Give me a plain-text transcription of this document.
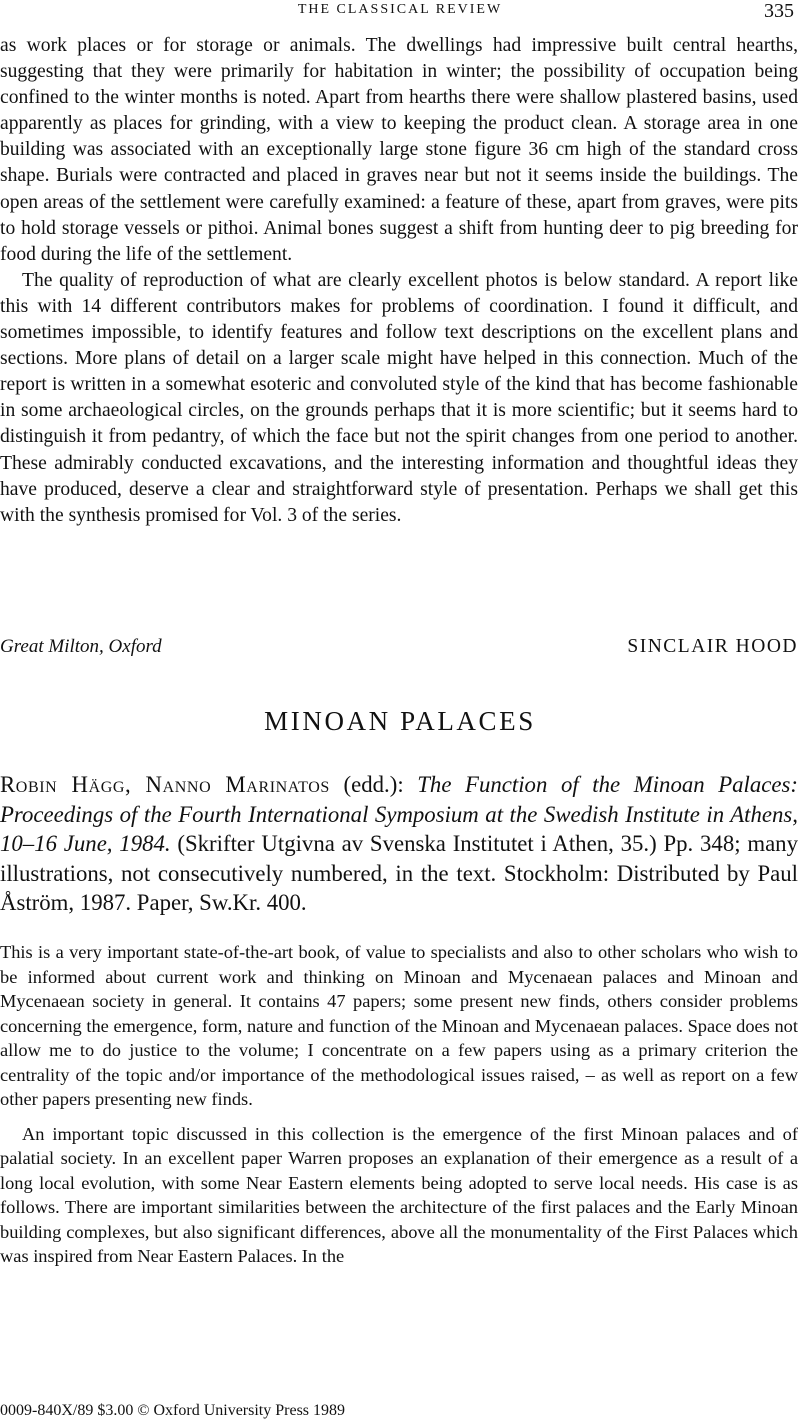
THE CLASSICAL REVIEW	335

as work places or for storage or animals. The dwellings had impressive built central hearths, suggesting that they were primarily for habitation in winter; the possibility of occupation being confined to the winter months is noted. Apart from hearths there were shallow plastered basins, used apparently as places for grinding, with a view to keeping the product clean. A storage area in one building was associated with an exceptionally large stone figure 36 cm high of the standard cross shape. Burials were contracted and placed in graves near but not it seems inside the buildings. The open areas of the settlement were carefully examined: a feature of these, apart from graves, were pits to hold storage vessels or pithoi. Animal bones suggest a shift from hunting deer to pig breeding for food during the life of the settlement.

The quality of reproduction of what are clearly excellent photos is below standard. A report like this with 14 different contributors makes for problems of coordination. I found it difficult, and sometimes impossible, to identify features and follow text descriptions on the excellent plans and sections. More plans of detail on a larger scale might have helped in this connection. Much of the report is written in a somewhat esoteric and convoluted style of the kind that has become fashionable in some archaeological circles, on the grounds perhaps that it is more scientific; but it seems hard to distinguish it from pedantry, of which the face but not the spirit changes from one period to another. These admirably conducted excavations, and the interesting information and thoughtful ideas they have produced, deserve a clear and straightforward style of presentation. Perhaps we shall get this with the synthesis promised for Vol. 3 of the series.

Great Milton, Oxford	SINCLAIR HOOD
MINOAN PALACES
Robin Hägg, Nanno Marinatos (edd.): The Function of the Minoan Palaces: Proceedings of the Fourth International Symposium at the Swedish Institute in Athens, 10–16 June, 1984. (Skrifter Utgivna av Svenska Institutet i Athen, 35.) Pp. 348; many illustrations, not consecutively numbered, in the text. Stockholm: Distributed by Paul Åström, 1987. Paper, Sw.Kr. 400.

This is a very important state-of-the-art book, of value to specialists and also to other scholars who wish to be informed about current work and thinking on Minoan and Mycenaean palaces and Minoan and Mycenaean society in general. It contains 47 papers; some present new finds, others consider problems concerning the emergence, form, nature and function of the Minoan and Mycenaean palaces. Space does not allow me to do justice to the volume; I concentrate on a few papers using as a primary criterion the centrality of the topic and/or importance of the methodological issues raised, – as well as report on a few other papers presenting new finds.

An important topic discussed in this collection is the emergence of the first Minoan palaces and of palatial society. In an excellent paper Warren proposes an explanation of their emergence as a result of a long local evolution, with some Near Eastern elements being adopted to serve local needs. His case is as follows. There are important similarities between the architecture of the first palaces and the Early Minoan building complexes, but also significant differences, above all the monumentality of the First Palaces which was inspired from Near Eastern Palaces. In the

0009-840X/89 $3.00 © Oxford University Press 1989
